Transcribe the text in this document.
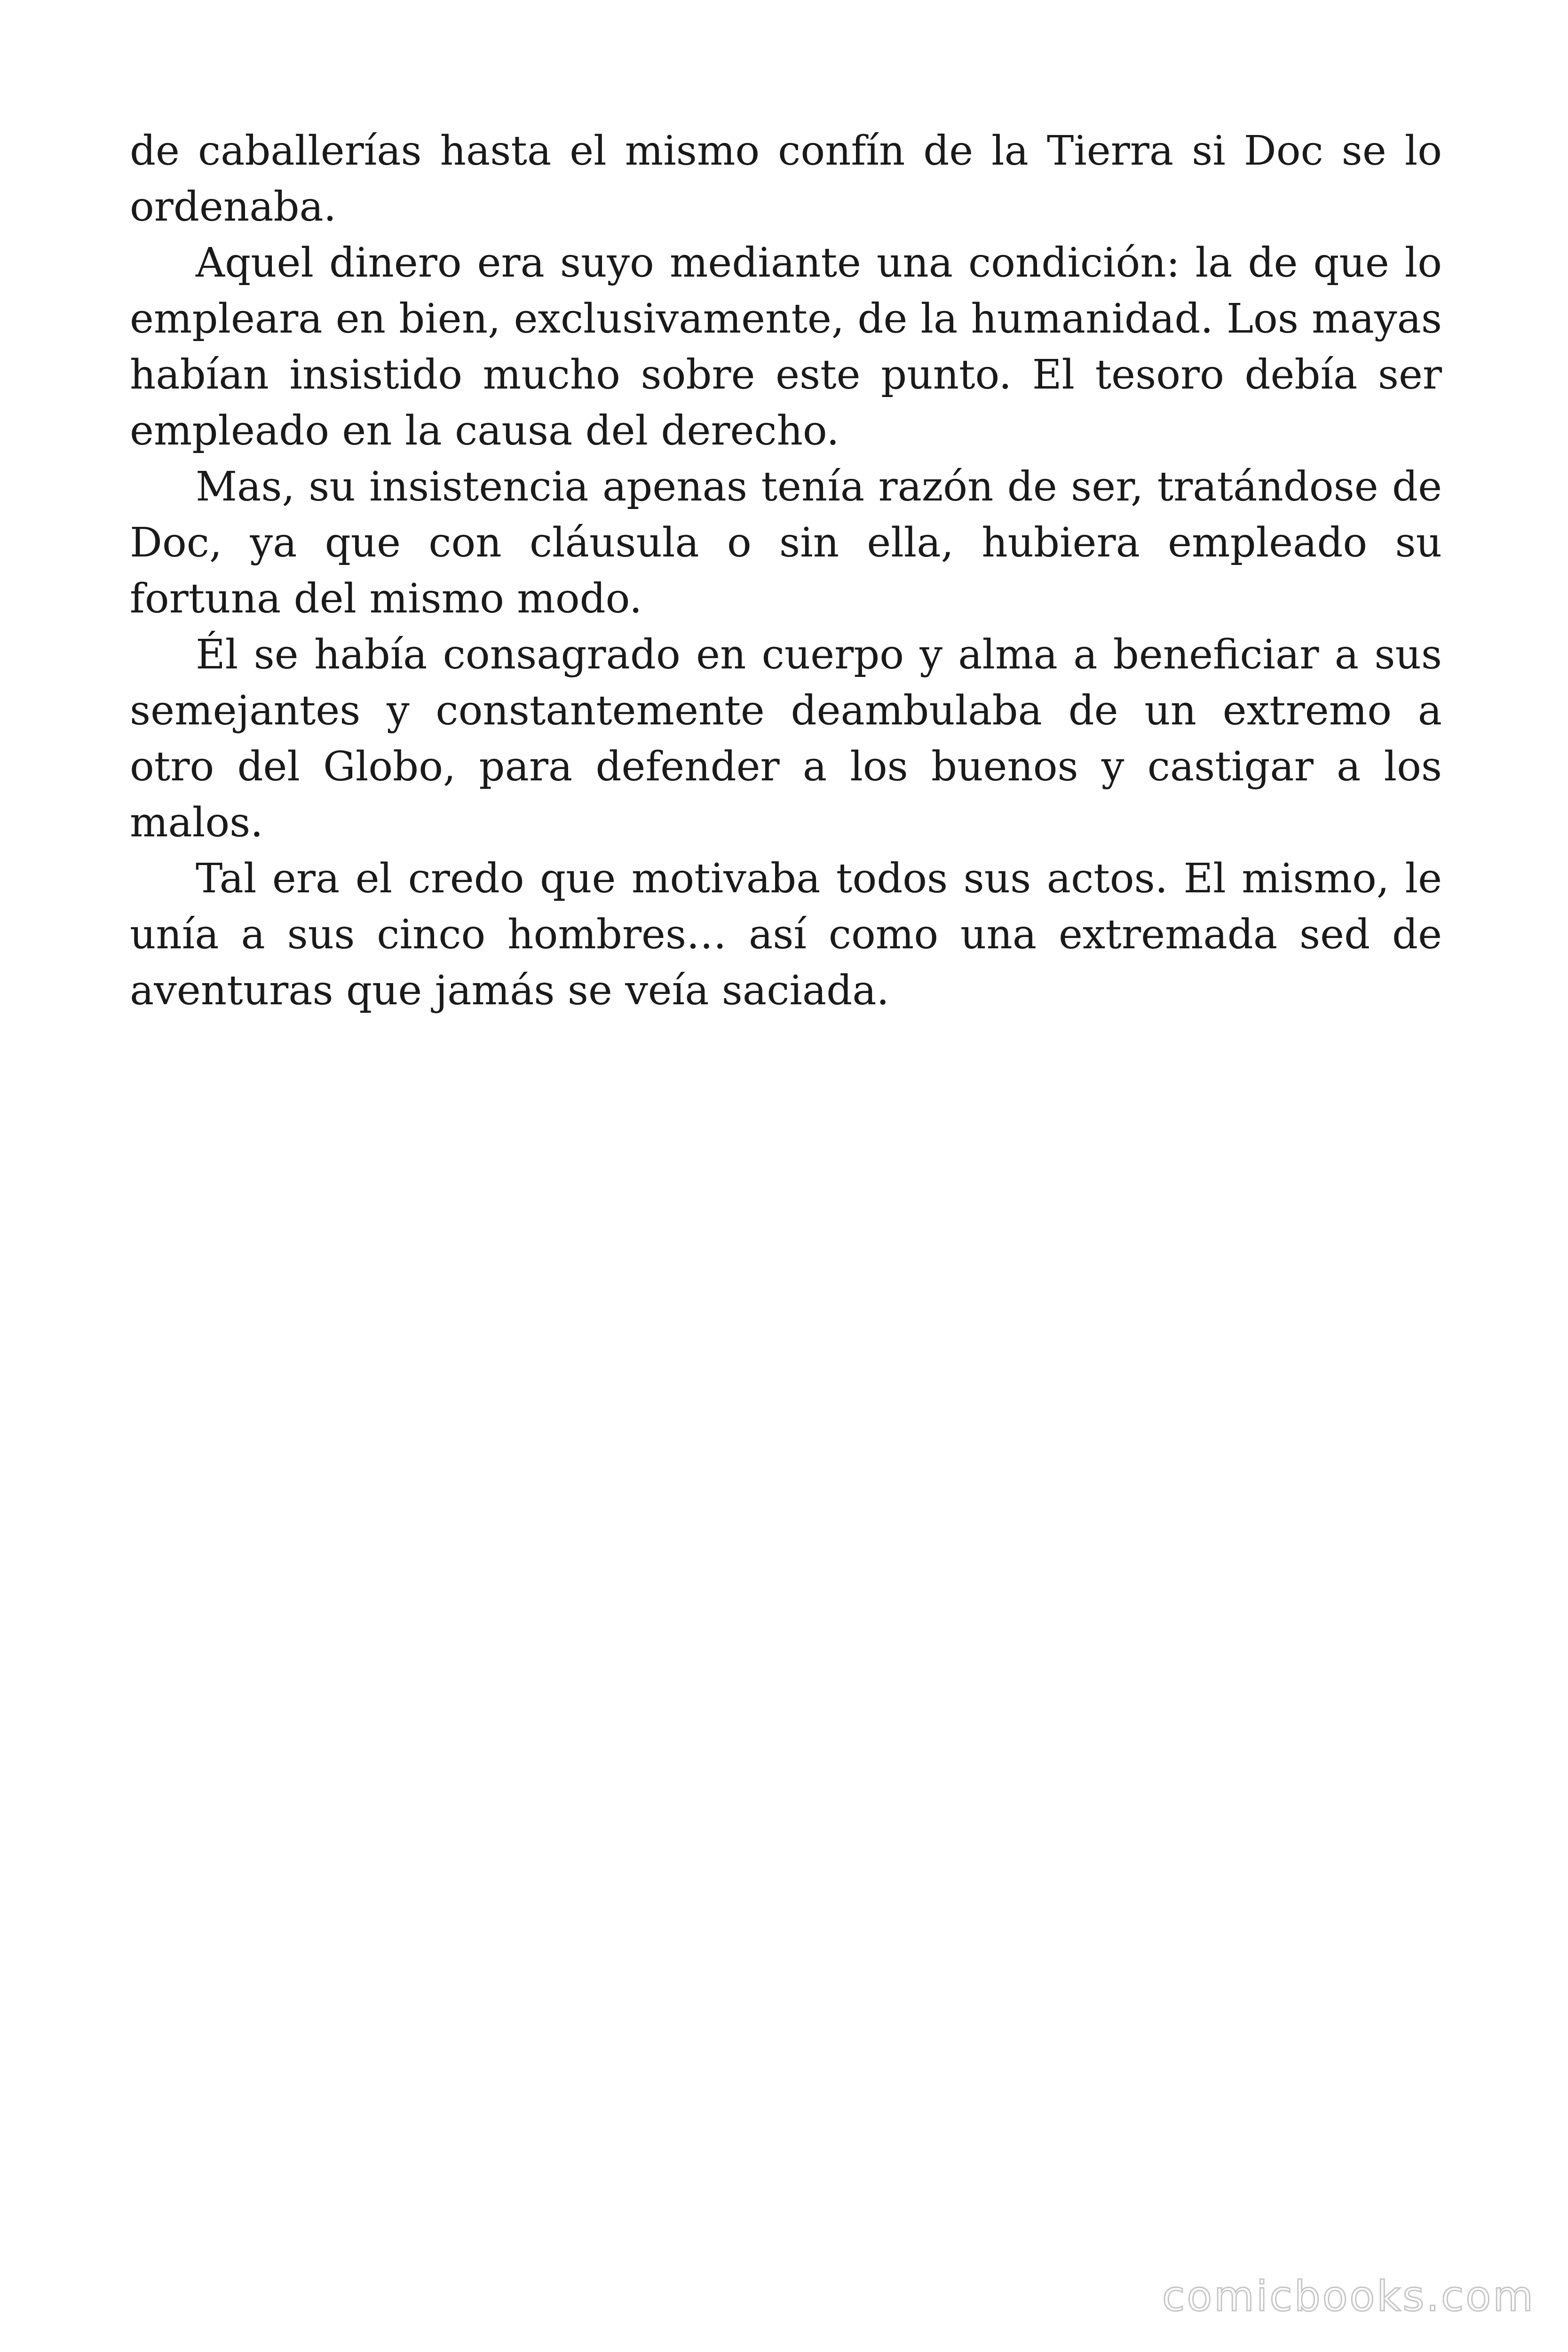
de caballerías hasta el mismo confín de la Tierra si Doc se lo ordenaba.

Aquel dinero era suyo mediante una condición: la de que lo empleara en bien, exclusivamente, de la humanidad. Los mayas habían insistido mucho sobre este punto. El tesoro debía ser empleado en la causa del derecho.

Mas, su insistencia apenas tenía razón de ser, tratándose de Doc, ya que con cláusula o sin ella, hubiera empleado su fortuna del mismo modo.

Él se había consagrado en cuerpo y alma a beneficiar a sus semejantes y constantemente deambulaba de un extremo a otro del Globo, para defender a los buenos y castigar a los malos.

Tal era el credo que motivaba todos sus actos. El mismo, le unía a sus cinco hombres… así como una extremada sed de aventuras que jamás se veía saciada.

comicbooks.com
